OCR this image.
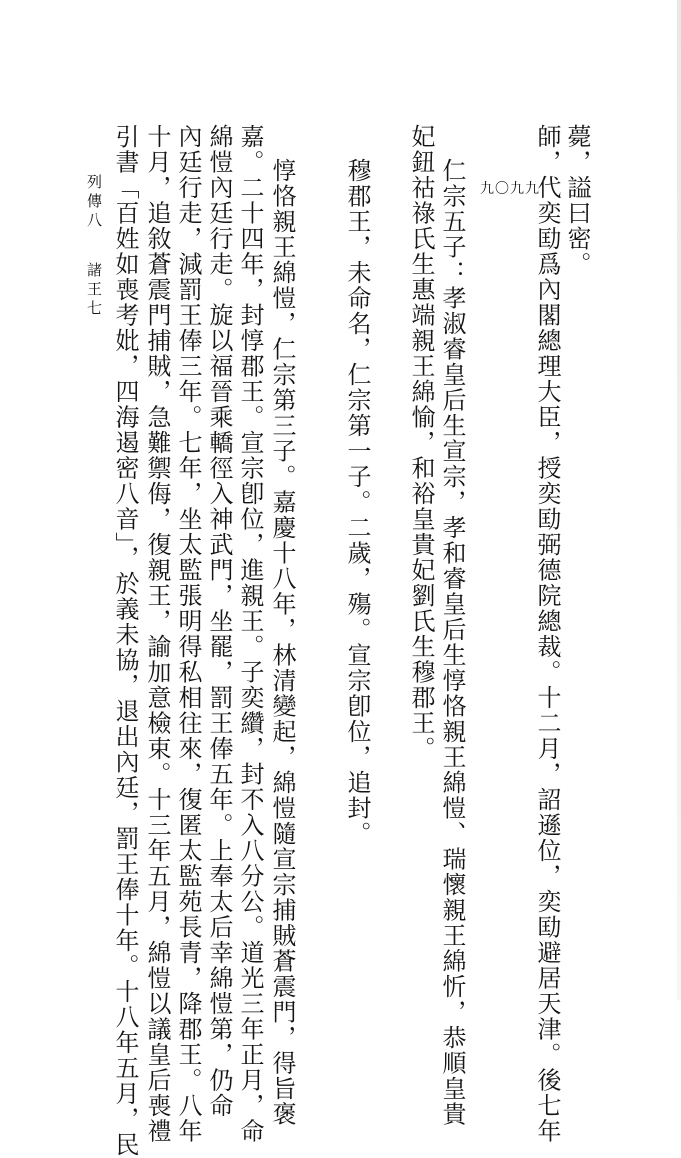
師，代奕劻爲內閣總理大臣，授奕劻弼德院總裁。十二月，詔遜位，奕劻避居天津。後七年 薨，謚曰密。
仁宗五子：孝淑睿皇后生宣宗，孝和睿皇后生惇恪親王綿愷、瑞懷親王綿忻，恭順皇貴
妃鈕祜祿氏生惠端親王綿愉，和裕皇貴妃劉氏生穆郡王。
穆郡王，未命名，仁宗第一子。二歲，殤。宣宗卽位，追封。
惇恪親王綿愷，仁宗第三子。嘉慶十八年，林清變起，綿愷隨宣宗捕賊蒼震門，得旨褒
嘉。二十四年，封惇郡王。宣宗卽位，進親王。子奕纘，封不入八分公。道光三年正月，命
綿愷內廷行走。旋以福晉乘轎徑入神武門，坐罷，罰王俸五年。上奉太后幸綿愷第，仍命
內廷行走，減罰王俸三年。七年，坐太監張明得私相往來，復匿太監苑長青，降郡王。八年
十月，追敘蒼震門捕賊，急難禦侮，復親王，諭加意檢束。十三年五月，綿愷以議皇后喪禮
引書「百姓如喪考妣，四海遏密八音」，於義未協，退出內廷，罰王俸十年。十八年五月，民
列傳八
諸王七
九〇九九
